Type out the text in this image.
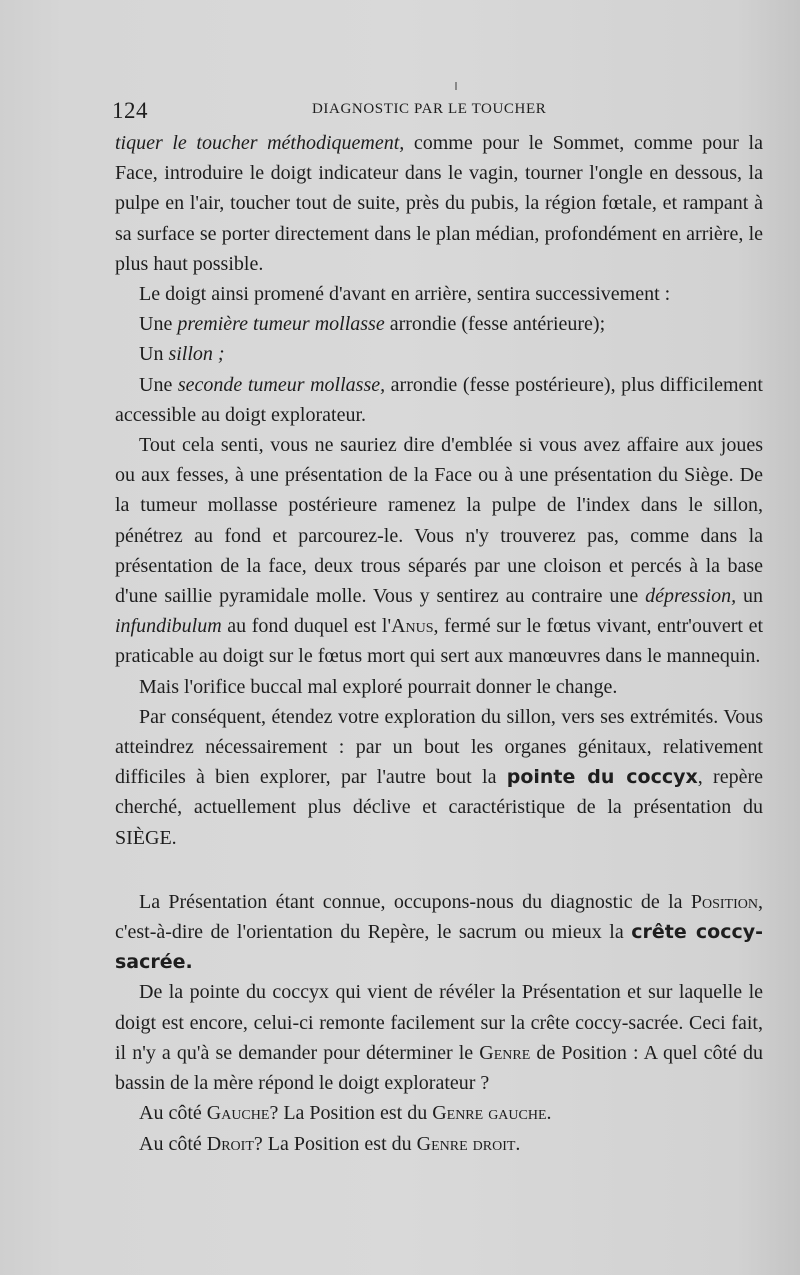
124	DIAGNOSTIC PAR LE TOUCHER

tiquer le toucher méthodiquement, comme pour le Sommet, comme pour la Face, introduire le doigt indicateur dans le vagin, tourner l'ongle en dessous, la pulpe en l'air, toucher tout de suite, près du pubis, la région fœtale, et rampant à sa surface se porter directement dans le plan médian, profondément en arrière, le plus haut possible.

Le doigt ainsi promené d'avant en arrière, sentira successivement :

Une première tumeur mollasse arrondie (fesse antérieure);

Un sillon ;

Une seconde tumeur mollasse, arrondie (fesse postérieure), plus difficilement accessible au doigt explorateur.

Tout cela senti, vous ne sauriez dire d'emblée si vous avez affaire aux joues ou aux fesses, à une présentation de la Face ou à une présentation du Siège. De la tumeur mollasse postérieure ramenez la pulpe de l'index dans le sillon, pénétrez au fond et parcourez-le. Vous n'y trouverez pas, comme dans la présentation de la face, deux trous séparés par une cloison et percés à la base d'une saillie pyramidale molle. Vous y sentirez au contraire une dépression, un infundibulum au fond duquel est l'Anus, fermé sur le fœtus vivant, entr'ouvert et praticable au doigt sur le fœtus mort qui sert aux manœuvres dans le mannequin.

Mais l'orifice buccal mal exploré pourrait donner le change.

Par conséquent, étendez votre exploration du sillon, vers ses extrémités. Vous atteindrez nécessairement : par un bout les organes génitaux, relativement difficiles à bien explorer, par l'autre bout la pointe du coccyx, repère cherché, actuellement plus déclive et caractéristique de la présentation du SIÈGE.

La Présentation étant connue, occupons-nous du diagnostic de la Position, c'est-à-dire de l'orientation du Repère, le sacrum ou mieux la crête coccy-sacrée.

De la pointe du coccyx qui vient de révéler la Présentation et sur laquelle le doigt est encore, celui-ci remonte facilement sur la crête coccy-sacrée. Ceci fait, il n'y a qu'à se demander pour déterminer le Genre de Position : A quel côté du bassin de la mère répond le doigt explorateur ?

Au côté Gauche? La Position est du Genre gauche.

Au côté Droit? La Position est du Genre droit.
